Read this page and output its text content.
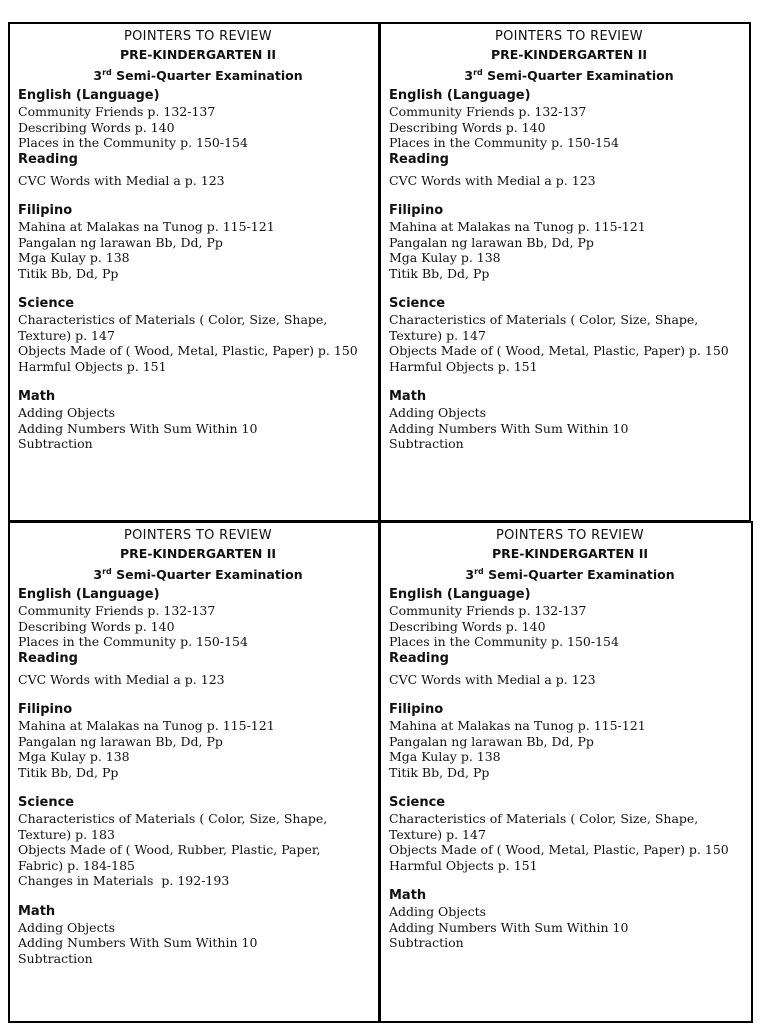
POINTERS TO REVIEW
PRE-KINDERGARTEN II
3rd Semi-Quarter Examination
English (Language)
Community Friends p. 132-137
Describing Words p. 140
Places in the Community p. 150-154
Reading
CVC Words with Medial a p. 123
Filipino
Mahina at Malakas na Tunog p. 115-121
Pangalan ng larawan Bb, Dd, Pp
Mga Kulay p. 138
Titik Bb, Dd, Pp
Science
Characteristics of Materials ( Color, Size, Shape,
Texture) p. 147
Objects Made of ( Wood, Metal, Plastic, Paper) p. 150
Harmful Objects p. 151
Math
Adding Objects
Adding Numbers With Sum Within 10
Subtraction
POINTERS TO REVIEW
PRE-KINDERGARTEN II
3rd Semi-Quarter Examination
English (Language)
Community Friends p. 132-137
Describing Words p. 140
Places in the Community p. 150-154
Reading
CVC Words with Medial a p. 123
Filipino
Mahina at Malakas na Tunog p. 115-121
Pangalan ng larawan Bb, Dd, Pp
Mga Kulay p. 138
Titik Bb, Dd, Pp
Science
Characteristics of Materials ( Color, Size, Shape,
Texture) p. 147
Objects Made of ( Wood, Metal, Plastic, Paper) p. 150
Harmful Objects p. 151
Math
Adding Objects
Adding Numbers With Sum Within 10
Subtraction
POINTERS TO REVIEW
PRE-KINDERGARTEN II
3rd Semi-Quarter Examination
English (Language)
Community Friends p. 132-137
Describing Words p. 140
Places in the Community p. 150-154
Reading
CVC Words with Medial a p. 123
Filipino
Mahina at Malakas na Tunog p. 115-121
Pangalan ng larawan Bb, Dd, Pp
Mga Kulay p. 138
Titik Bb, Dd, Pp
Science
Characteristics of Materials ( Color, Size, Shape,
Texture) p. 183
Objects Made of ( Wood, Rubber, Plastic, Paper,
Fabric) p. 184-185
Changes in Materials  p. 192-193
Math
Adding Objects
Adding Numbers With Sum Within 10
Subtraction
POINTERS TO REVIEW
PRE-KINDERGARTEN II
3rd Semi-Quarter Examination
English (Language)
Community Friends p. 132-137
Describing Words p. 140
Places in the Community p. 150-154
Reading
CVC Words with Medial a p. 123
Filipino
Mahina at Malakas na Tunog p. 115-121
Pangalan ng larawan Bb, Dd, Pp
Mga Kulay p. 138
Titik Bb, Dd, Pp
Science
Characteristics of Materials ( Color, Size, Shape,
Texture) p. 147
Objects Made of ( Wood, Metal, Plastic, Paper) p. 150
Harmful Objects p. 151
Math
Adding Objects
Adding Numbers With Sum Within 10
Subtraction
